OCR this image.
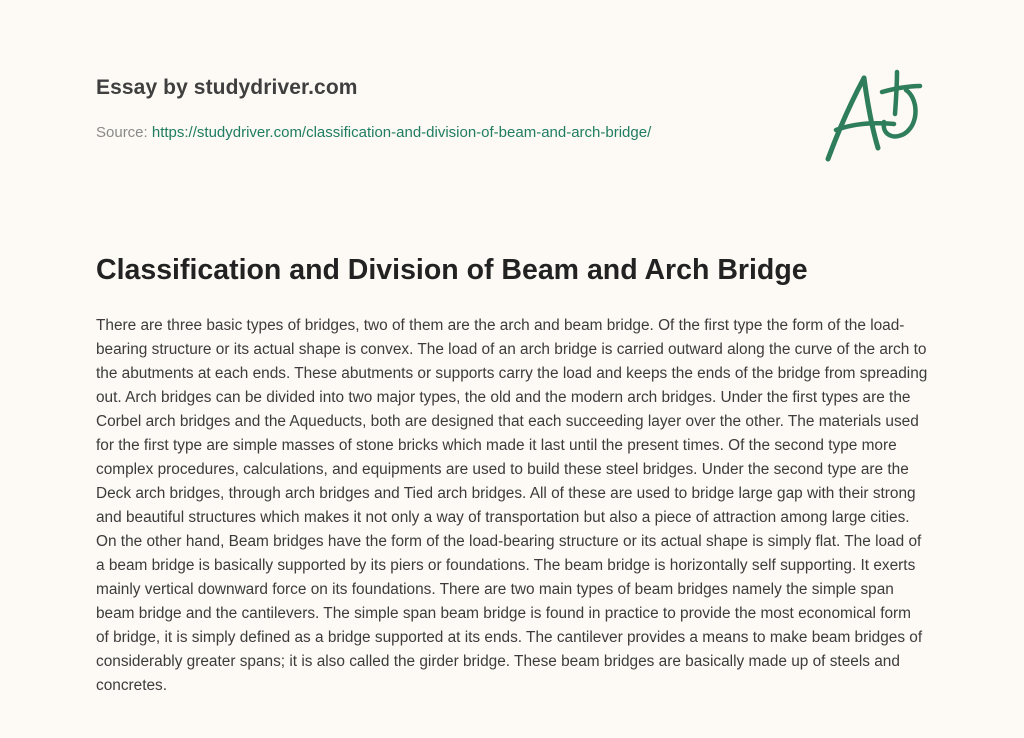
Essay by studydriver.com
Source: https://studydriver.com/classification-and-division-of-beam-and-arch-bridge/
Classification and Division of Beam and Arch Bridge

There are three basic types of bridges, two of them are the arch and beam bridge. Of the first type the form of the load-bearing structure or its actual shape is convex. The load of an arch bridge is carried outward along the curve of the arch to the abutments at each ends. These abutments or supports carry the load and keeps the ends of the bridge from spreading out. Arch bridges can be divided into two major types, the old and the modern arch bridges. Under the first types are the Corbel arch bridges and the Aqueducts, both are designed that each succeeding layer over the other. The materials used for the first type are simple masses of stone bricks which made it last until the present times. Of the second type more complex procedures, calculations, and equipments are used to build these steel bridges. Under the second type are the Deck arch bridges, through arch bridges and Tied arch bridges. All of these are used to bridge large gap with their strong and beautiful structures which makes it not only a way of transportation but also a piece of attraction among large cities. On the other hand, Beam bridges have the form of the load-bearing structure or its actual shape is simply flat. The load of a beam bridge is basically supported by its piers or foundations. The beam bridge is horizontally self supporting. It exerts mainly vertical downward force on its foundations. There are two main types of beam bridges namely the simple span beam bridge and the cantilevers. The simple span beam bridge is found in practice to provide the most economical form of bridge, it is simply defined as a bridge supported at its ends. The cantilever provides a means to make beam bridges of considerably greater spans; it is also called the girder bridge. These beam bridges are basically made up of steels and concretes.
